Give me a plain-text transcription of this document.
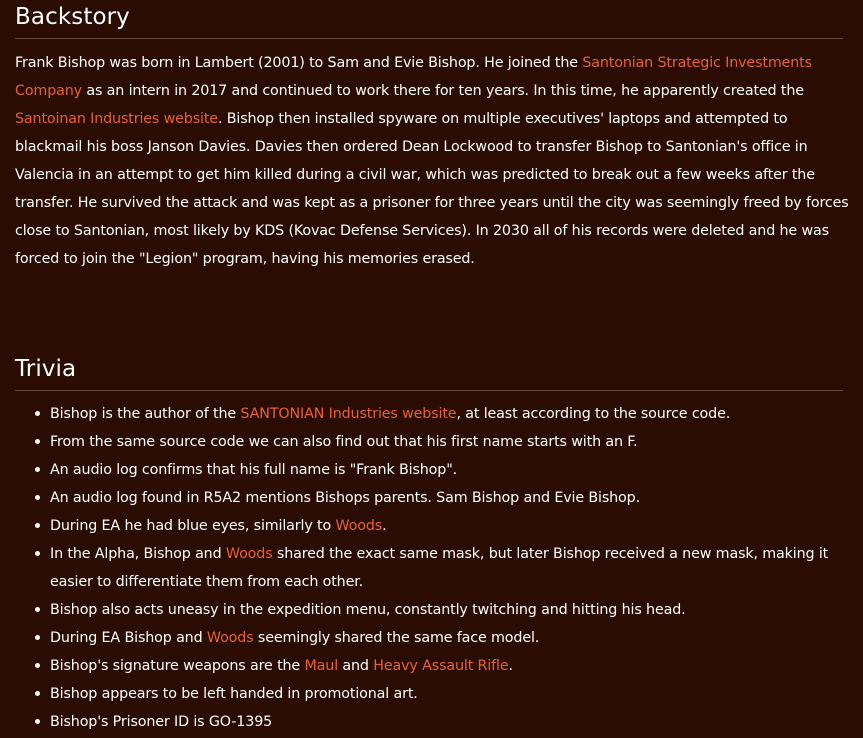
Backstory

Frank Bishop was born in Lambert (2001) to Sam and Evie Bishop. He joined the Santonian Strategic Investments Company as an intern in 2017 and continued to work there for ten years. In this time, he apparently created the Santoinan Industries website. Bishop then installed spyware on multiple executives' laptops and attempted to blackmail his boss Janson Davies. Davies then ordered Dean Lockwood to transfer Bishop to Santonian's office in Valencia in an attempt to get him killed during a civil war, which was predicted to break out a few weeks after the transfer. He survived the attack and was kept as a prisoner for three years until the city was seemingly freed by forces close to Santonian, most likely by KDS (Kovac Defense Services). In 2030 all of his records were deleted and he was forced to join the "Legion" program, having his memories erased.

Trivia
Bishop is the author of the SANTONIAN Industries website, at least according to the source code.
From the same source code we can also find out that his first name starts with an F.
An audio log confirms that his full name is "Frank Bishop".
An audio log found in R5A2 mentions Bishops parents. Sam Bishop and Evie Bishop.
During EA he had blue eyes, similarly to Woods.
In the Alpha, Bishop and Woods shared the exact same mask, but later Bishop received a new mask, making it easier to differentiate them from each other.
Bishop also acts uneasy in the expedition menu, constantly twitching and hitting his head.
During EA Bishop and Woods seemingly shared the same face model.
Bishop's signature weapons are the Maul and Heavy Assault Rifle.
Bishop appears to be left handed in promotional art.
Bishop's Prisoner ID is GO-1395
